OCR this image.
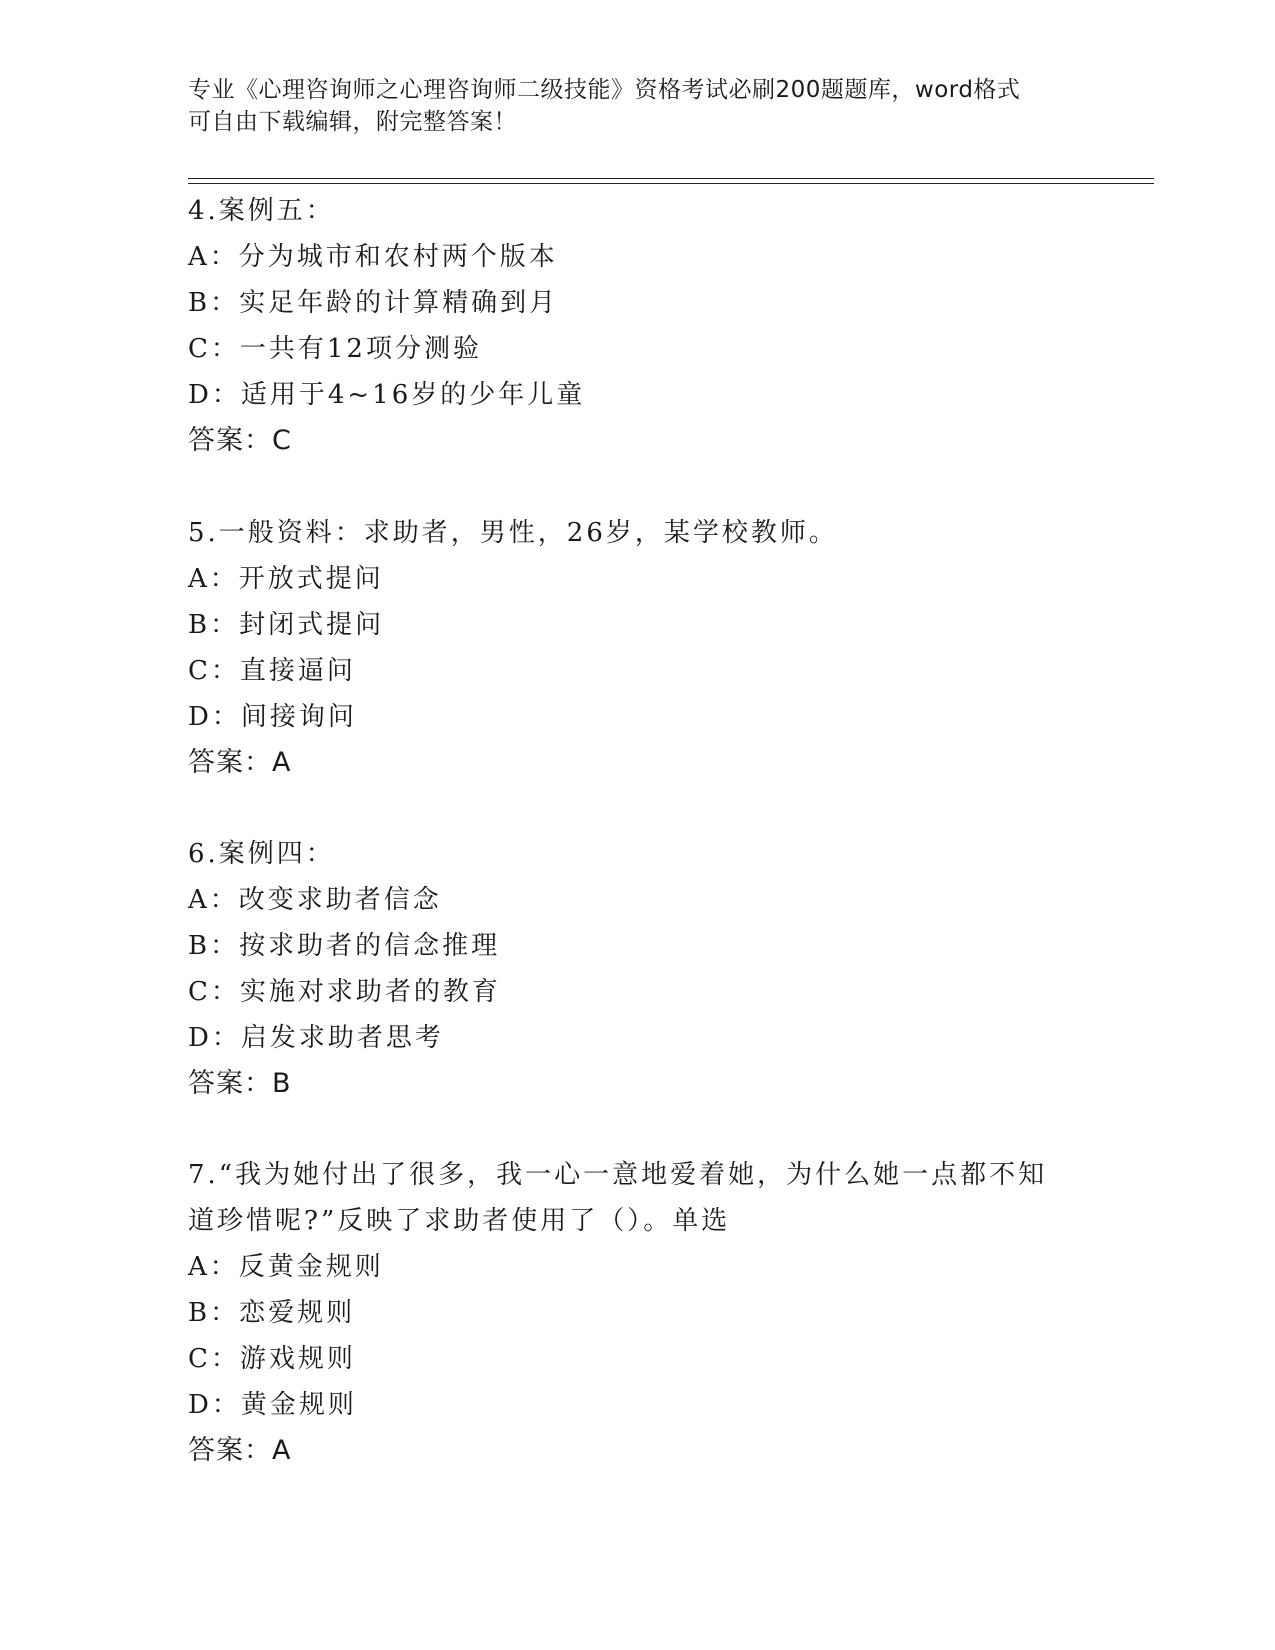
专业《心理咨询师之心理咨询师二级技能》资格考试必刷200题题库，word格式
可自由下载编辑，附完整答案！
4.案例五：
A：分为城市和农村两个版本
B：实足年龄的计算精确到月
C：一共有12项分测验
D：适用于4~16岁的少年儿童
答案：C
5.一般资料：求助者，男性，26岁，某学校教师。
A：开放式提问
B：封闭式提问
C：直接逼问
D：间接询问
答案：A
6.案例四：
A：改变求助者信念
B：按求助者的信念推理
C：实施对求助者的教育
D：启发求助者思考
答案：B
7.“我为她付出了很多，我一心一意地爱着她，为什么她一点都不知
道珍惜呢?”反映了求助者使用了（）。单选
A：反黄金规则
B：恋爱规则
C：游戏规则
D：黄金规则
答案：A
